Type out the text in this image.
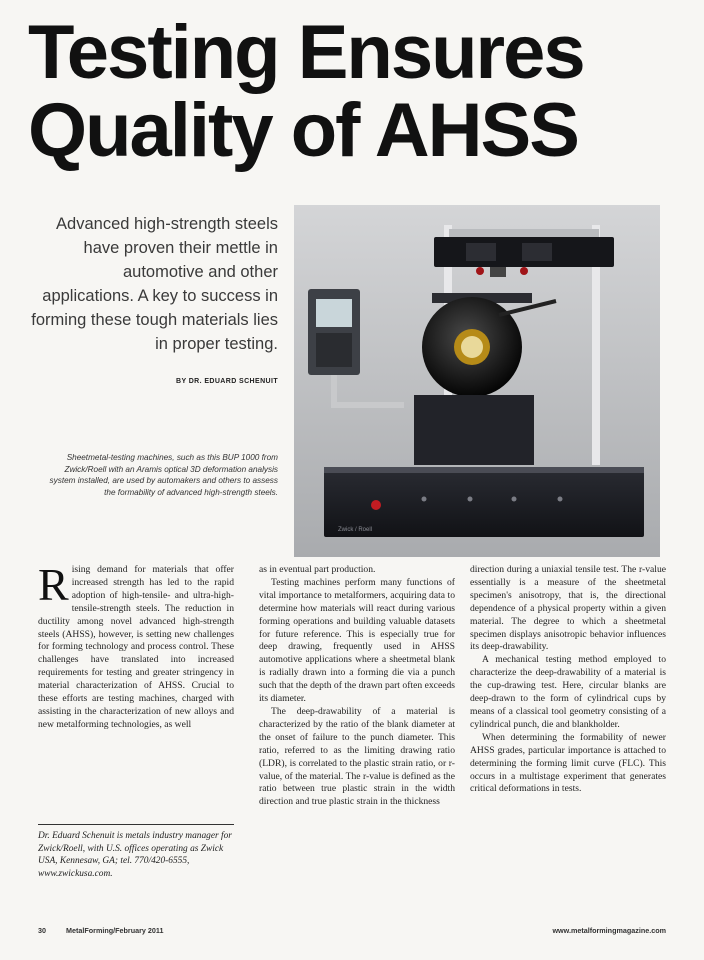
Testing Ensures
Quality of AHSS
Advanced high-strength steels have proven their mettle in automotive and other applications. A key to success in forming these tough materials lies in proper testing.
BY DR. EDUARD SCHENUIT
Sheetmetal-testing machines, such as this BUP 1000 from Zwick/Roell with an Aramis optical 3D deformation analysis system installed, are used by automakers and others to assess the formability of advanced high-strength steels.
Zwick / Roell

Rising demand for materials that offer increased strength has led to the rapid adoption of high-tensile- and ultra-high-tensile-strength steels. The reduction in ductility among novel advanced high-strength steels (AHSS), however, is setting new challenges for forming technology and process control. These challenges have translated into increased requirements for testing and greater stringency in material characterization of AHSS. Crucial to these efforts are testing machines, charged with assisting in the characterization of new alloys and new metalforming technologies, as well

as in eventual part production.

Testing machines perform many functions of vital importance to metalformers, acquiring data to determine how materials will react during various forming operations and building valuable datasets for future reference. This is especially true for deep drawing, frequently used in AHSS automotive applications where a sheetmetal blank is radially drawn into a forming die via a punch such that the depth of the drawn part often exceeds its diameter.

The deep-drawability of a material is characterized by the ratio of the blank diameter at the onset of failure to the punch diameter. This ratio, referred to as the limiting drawing ratio (LDR), is correlated to the plastic strain ratio, or r-value, of the material. The r-value is defined as the ratio between true plastic strain in the width direction and true plastic strain in the thickness

direction during a uniaxial tensile test. The r-value essentially is a measure of the sheetmetal specimen's anisotropy, that is, the directional dependence of a physical property within a given material. The degree to which a sheetmetal specimen displays anisotropic behavior influences its deep-drawability.

A mechanical testing method employed to characterize the deep-drawability of a material is the cup-drawing test. Here, circular blanks are deep-drawn to the form of cylindrical cups by means of a classical tool geometry consisting of a cylindrical punch, die and blankholder.

When determining the formability of newer AHSS grades, particular importance is attached to determining the forming limit curve (FLC). This occurs in a multistage experiment that generates critical deformations in tests.

Dr. Eduard Schenuit is metals industry manager for Zwick/Roell, with U.S. offices operating as Zwick USA, Kennesaw, GA; tel. 770/420-6555, www.zwickusa.com.
30	MetalForming/February 2011	www.metalformingmagazine.com
